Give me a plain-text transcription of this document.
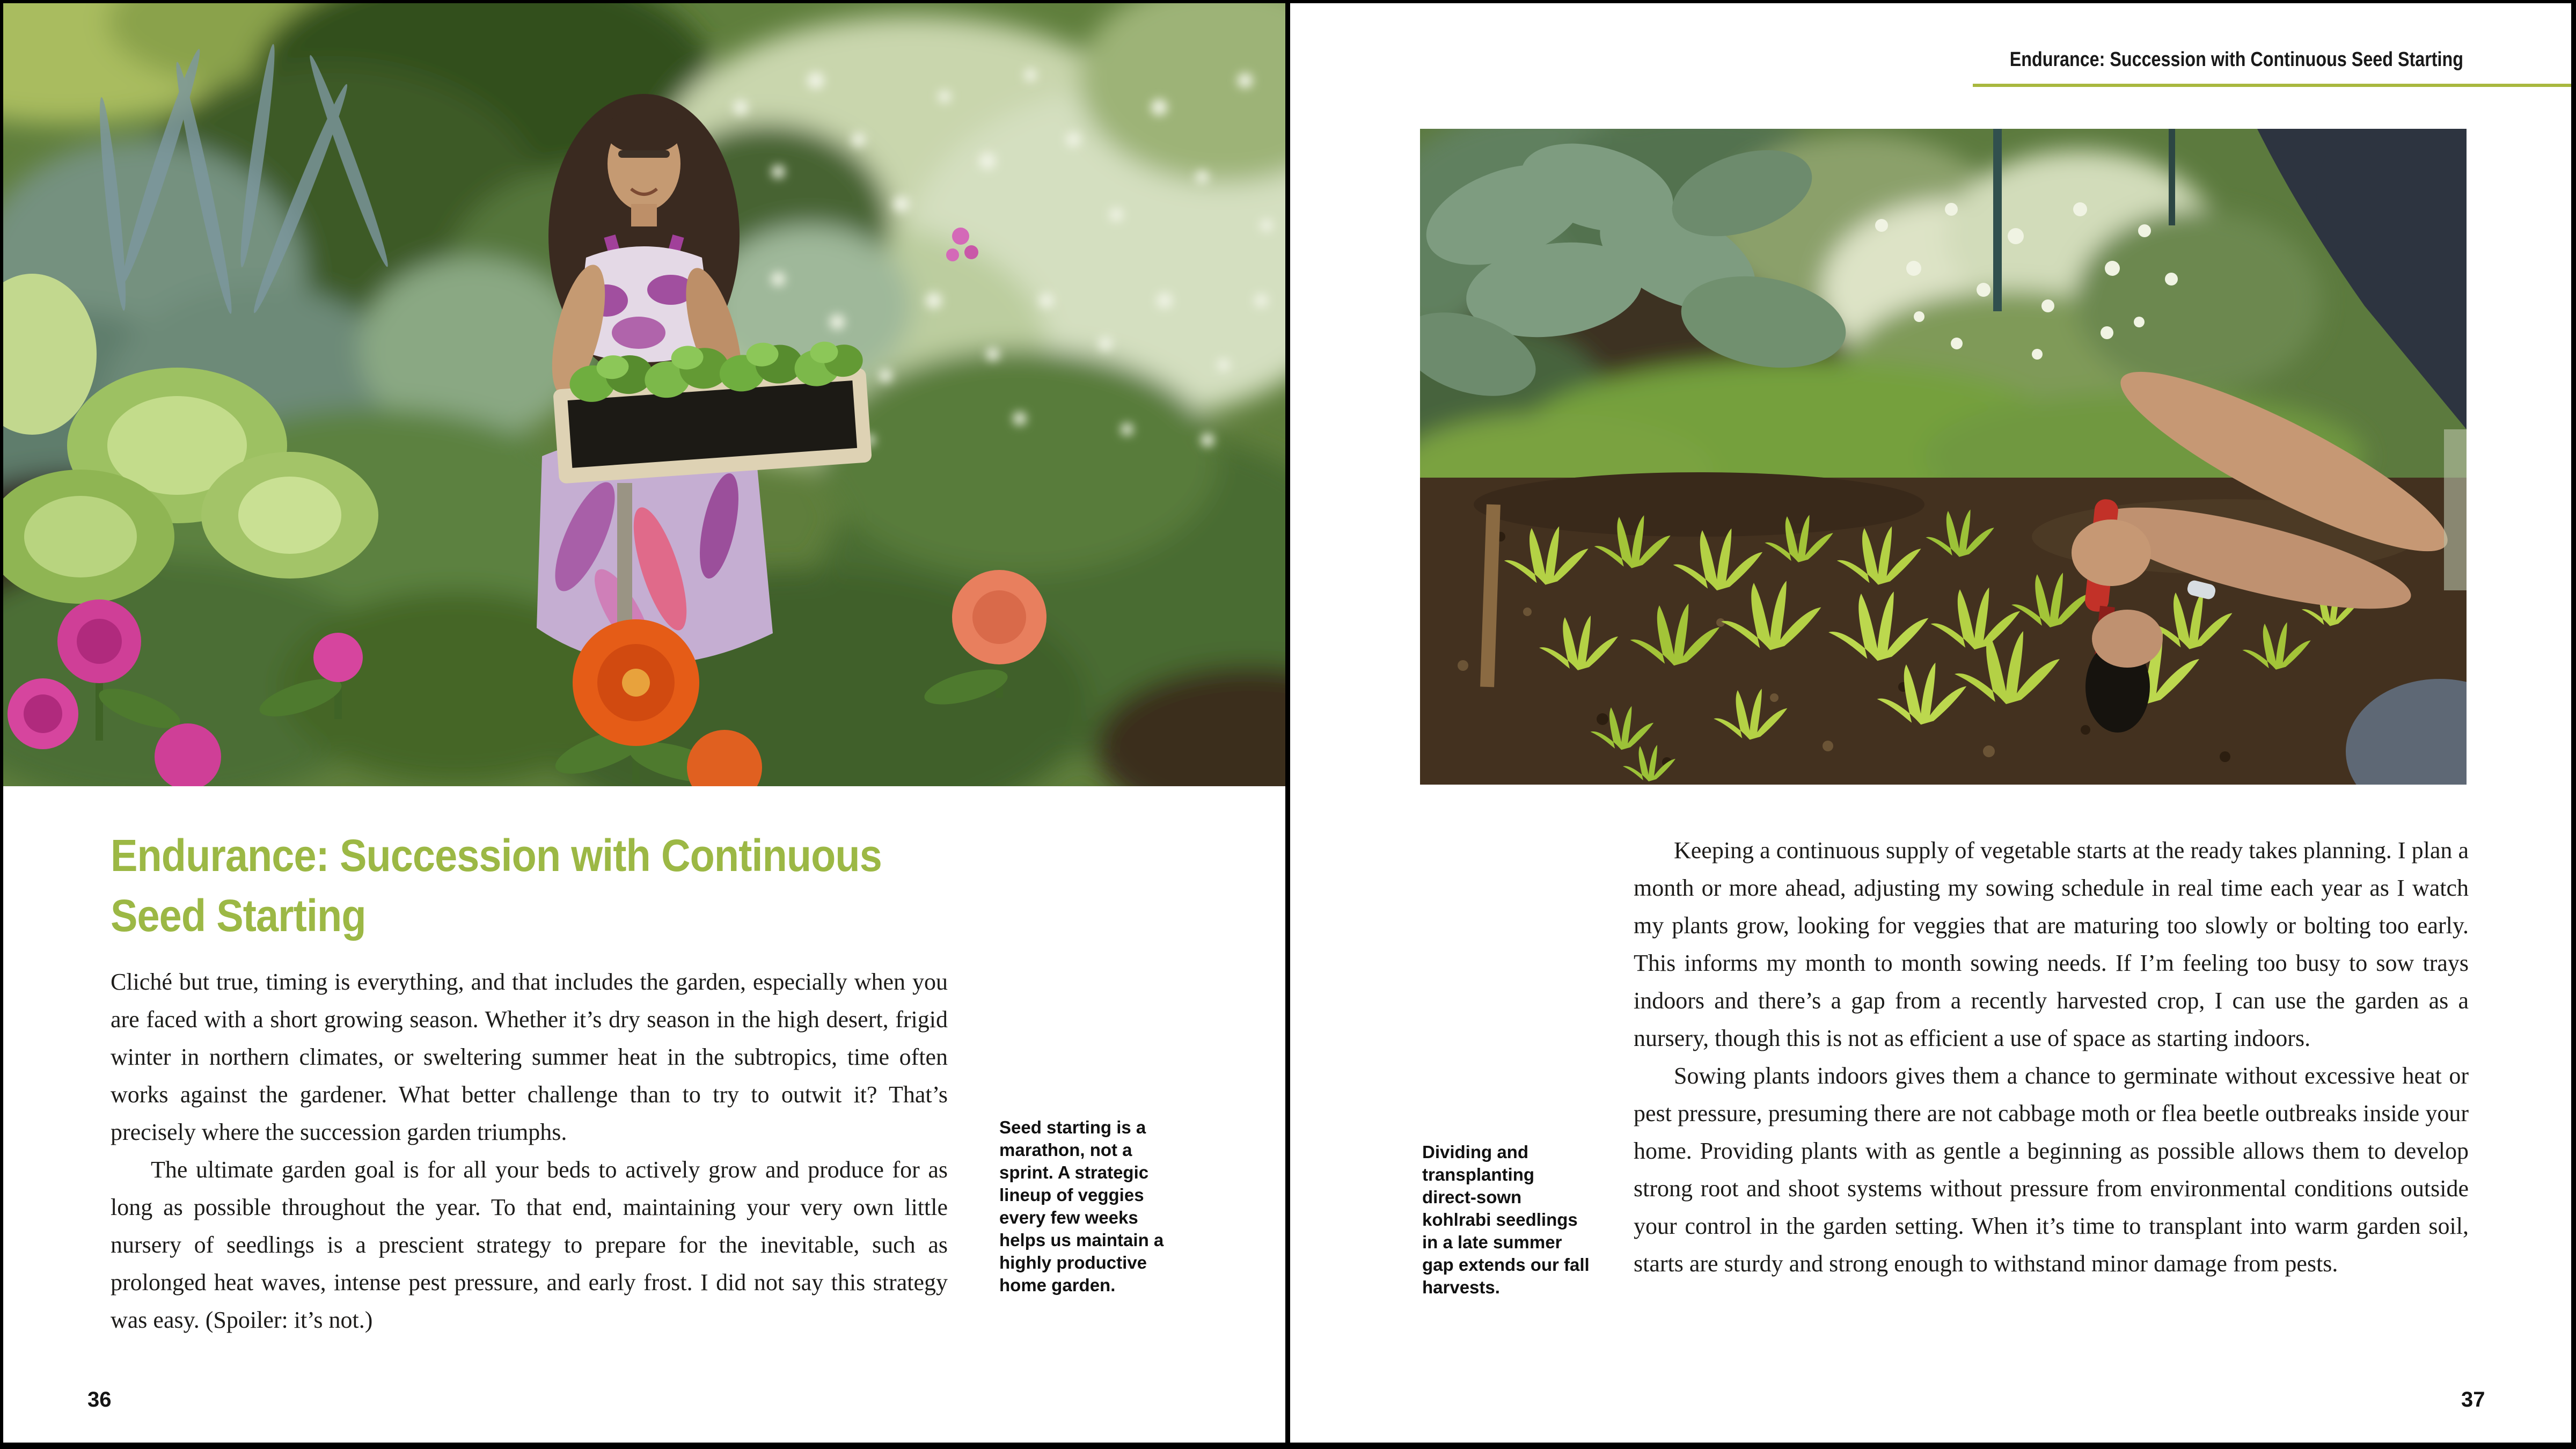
Endurance: Succession with Continuous
Seed Starting

Cliché but true, timing is everything, and that includes the garden, especially when you are faced with a short growing season. Whether it’s dry season in the high desert, frigid winter in northern climates, or sweltering summer heat in the subtropics, time often works against the gardener. What better challenge than to try to outwit it? That’s precisely where the succession garden triumphs.

The ultimate garden goal is for all your beds to actively grow and produce for as long as possible throughout the year. To that end, maintaining your very own little nursery of seedlings is a prescient strategy to prepare for the inevitable, such as prolonged heat waves, intense pest pressure, and early frost. I did not say this strategy was easy. (Spoiler: it’s not.)

Seed starting is a marathon, not a sprint. A strategic lineup of veggies every few weeks helps us maintain a highly productive home garden.
36
Endurance: Succession with Continuous Seed Starting
Dividing and transplanting direct-sown kohlrabi seedlings in a late summer gap extends our fall harvests.

Keeping a continuous supply of vegetable starts at the ready takes planning. I plan a month or more ahead, adjusting my sowing schedule in real time each year as I watch my plants grow, looking for veggies that are maturing too slowly or bolting too early. This informs my month to month sowing needs. If I’m feeling too busy to sow trays indoors and there’s a gap from a recently harvested crop, I can use the garden as a nursery, though this is not as efficient a use of space as starting indoors.

Sowing plants indoors gives them a chance to germinate without excessive heat or pest pressure, presuming there are not cabbage moth or flea beetle outbreaks inside your home. Providing plants with as gentle a beginning as possible allows them to develop strong root and shoot systems without pressure from environmental conditions outside your control in the garden setting. When it’s time to transplant into warm garden soil, starts are sturdy and strong enough to withstand minor damage from pests.

37
